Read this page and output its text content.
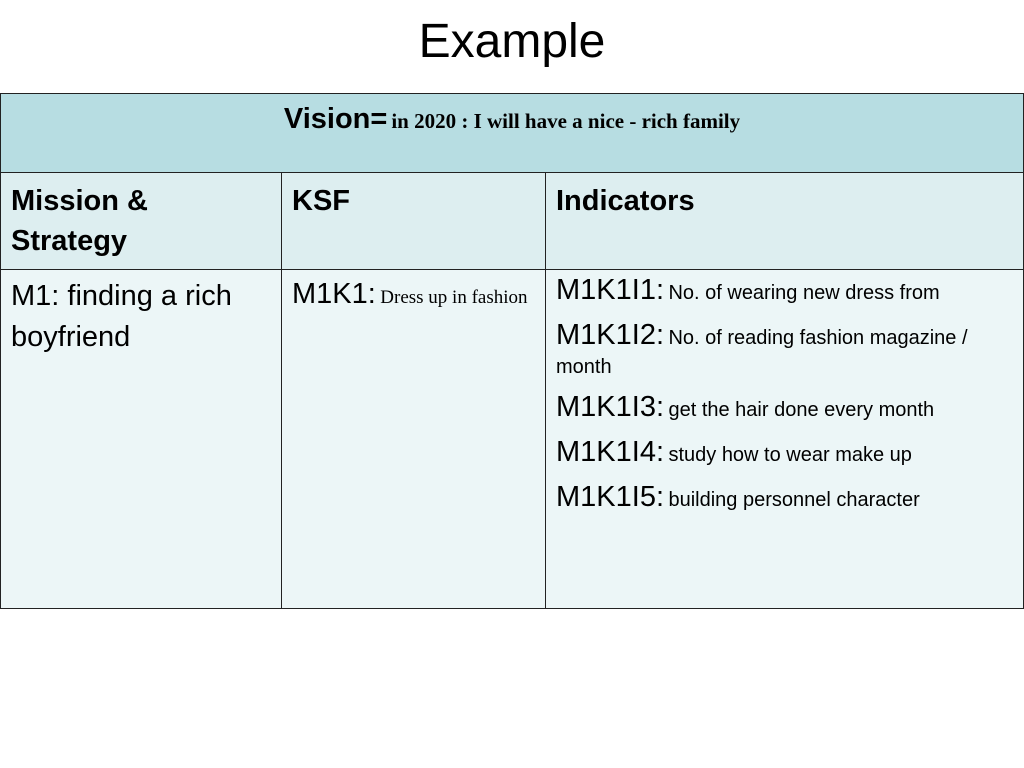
Example
Vision= in 2020 : I will have a nice - rich family		

Mission & Strategy	KSF	Indicators

M1: finding a rich boyfriend	M1K1: Dress up in fashion	M1K1I1: No. of wearing new dress from
M1K1I2: No. of reading fashion magazine / month
M1K1I3: get the hair done every month
M1K1I4: study how to wear make up
M1K1I5: building personnel character
